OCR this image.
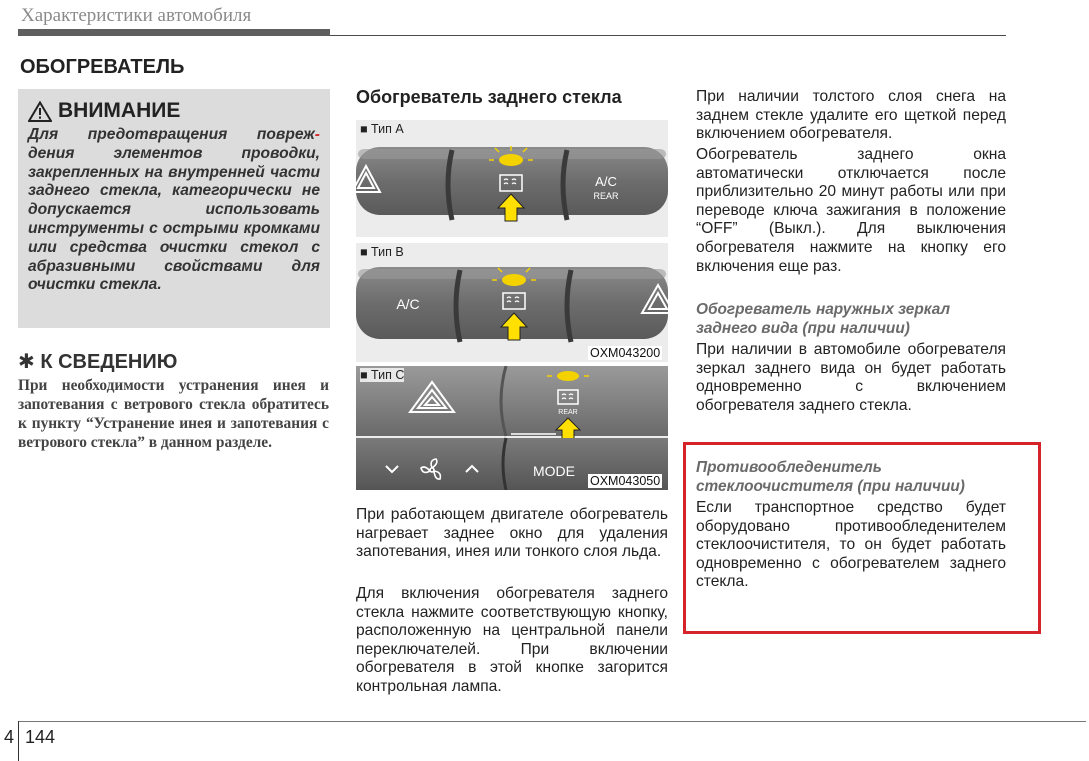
Характеристики автомобиля
ОБОГРЕВАТЕЛЬ
ВНИМАНИЕ
Для предотвращения повреж- дения элементов проводки, закрепленных на внутренней части заднего стекла, категорически не допускается использовать инструменты с острыми кромками или средства очистки стекол с абразивными свойствами для очистки стекла.
✱ К СВЕДЕНИЮ
При необходимости устранения инея и запотевания с ветрового стекла обратитесь к пункту “Устранение инея и запотевания с ветрового стекла” в данном разделе.
Обогреватель заднего стекла
■ Тип А
A/C
REAR
■ Тип B
A/C
OXM043200
REAR
MODE
■ Тип C
OXM043050
При работающем двигателе обогреватель нагревает заднее окно для удаления запотевания, инея или тонкого слоя льда.
Для включения обогревателя заднего стекла нажмите соответствующую кнопку, расположенную на центральной панели переключателей. При включении обогревателя в этой кнопке загорится контрольная лампа.
При наличии толстого слоя снега на заднем стекле удалите его щеткой перед включением обогревателя.
Обогреватель заднего окна автоматически отключается после приблизительно 20 минут работы или при переводе ключа зажигания в положение “OFF” (Выкл.). Для выключения обогревателя нажмите на кнопку его включения еще раз.
Обогреватель наружных зеркал заднего вида (при наличии)
При наличии в автомобиле обогревателя зеркал заднего вида он будет работать одновременно с включением обогревателя заднего стекла.
Противообледенитель стеклоочистителя (при наличии)
Если транспортное средство будет оборудовано противообледенителем стеклоочистителя, то он будет работать одновременно с обогревателем заднего стекла.
4 144
